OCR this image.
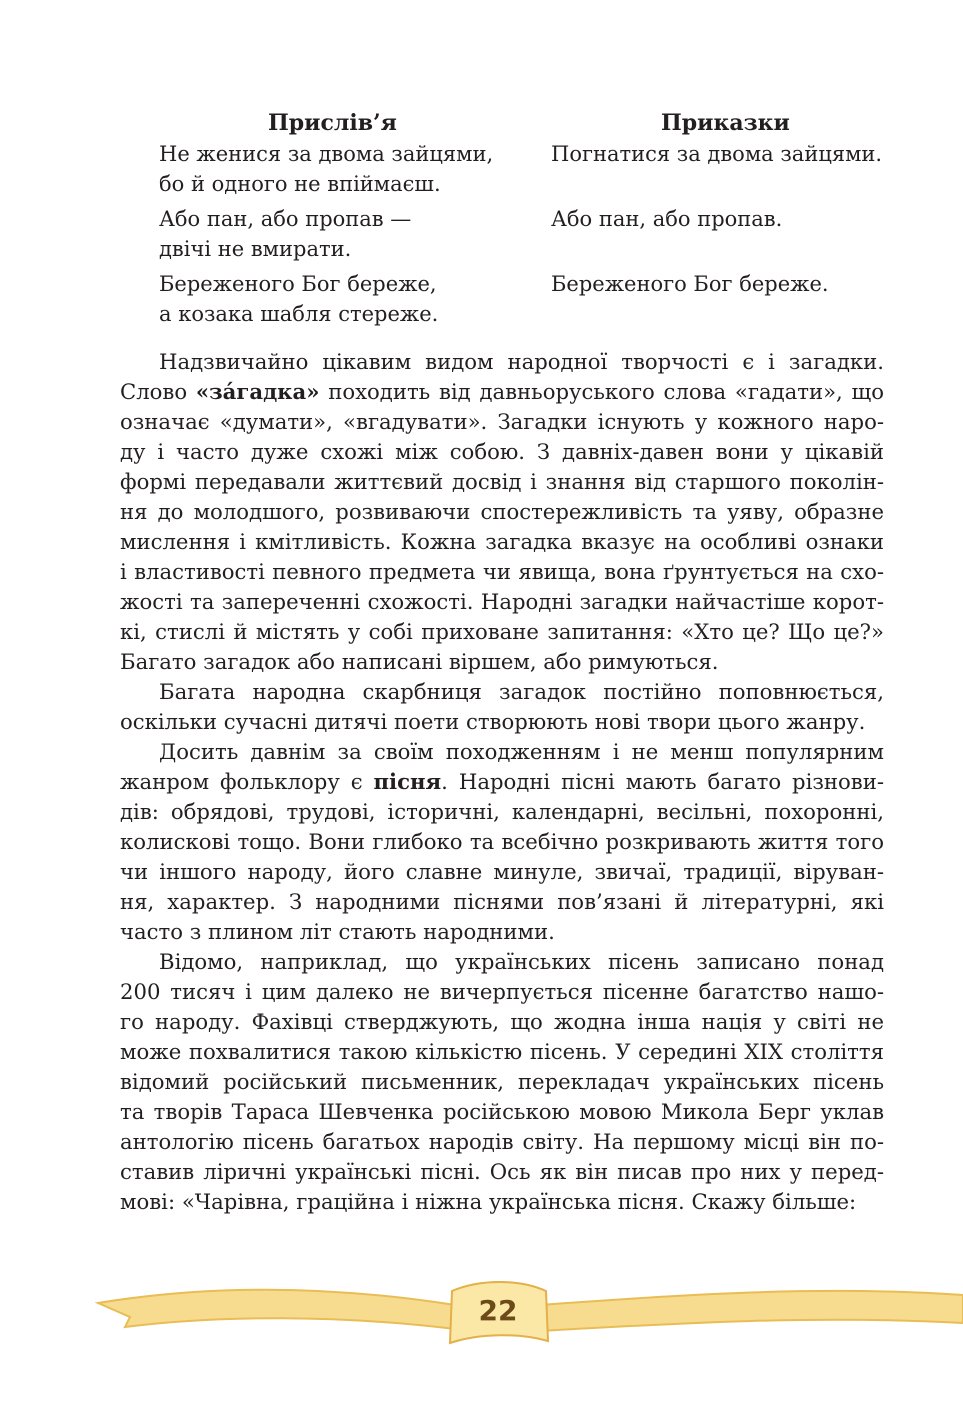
Прислів’я	Приказки
Не женися за двома зайцями,
бо й одного не впіймаєш.
Погнатися за двома зайцями.
Або пан, або пропав —
двічі не вмирати.
Або пан, або пропав.
Береженого Бог береже,
а козака шабля стереже.
Береженого Бог береже.
Надзвичайно цікавим видом народної творчості є і загадки.
Слово «зáгадка» походить від давньоруського слова «гадати», що
означає «думати», «вгадувати». Загадки існують у кожного наро-
ду і часто дуже схожі між собою. З давніх-давен вони у цікавій
формі передавали життєвий досвід і знання від старшого поколін-
ня до молодшого, розвиваючи спостережливість та уяву, образне
мислення і кмітливість. Кожна загадка вказує на особливі ознаки
і властивості певного предмета чи явища, вона ґрунтується на схо-
жості та запереченні схожості. Народні загадки найчастіше корот-
кі, стислі й містять у собі приховане запитання: «Хто це? Що це?»
Багато загадок або написані віршем, або римуються.
Багата народна скарбниця загадок постійно поповнюється,
оскільки сучасні дитячі поети створюють нові твори цього жанру.
Досить давнім за своїм походженням і не менш популярним
жанром фольклору є пісня. Народні пісні мають багато різнови-
дів: обрядові, трудові, історичні, календарні, весільні, похоронні,
колискові тощо. Вони глибоко та всебічно розкривають життя того
чи іншого народу, його славне минуле, звичаї, традиції, віруван-
ня, характер. З народними піснями пов’язані й літературні, які
часто з плином літ стають народними.
Відомо, наприклад, що українських пісень записано понад
200 тисяч і цим далеко не вичерпується пісенне багатство нашо-
го народу. Фахівці стверджують, що жодна інша нація у світі не
може похвалитися такою кількістю пісень. У середині XIX століття
відомий російський письменник, перекладач українських пісень
та творів Тараса Шевченка російською мовою Микола Берг уклав
антологію пісень багатьох народів світу. На першому місці він по-
ставив ліричні українські пісні. Ось як він писав про них у перед-
мові: «Чарівна, граційна і ніжна українська пісня. Скажу більше:
22
